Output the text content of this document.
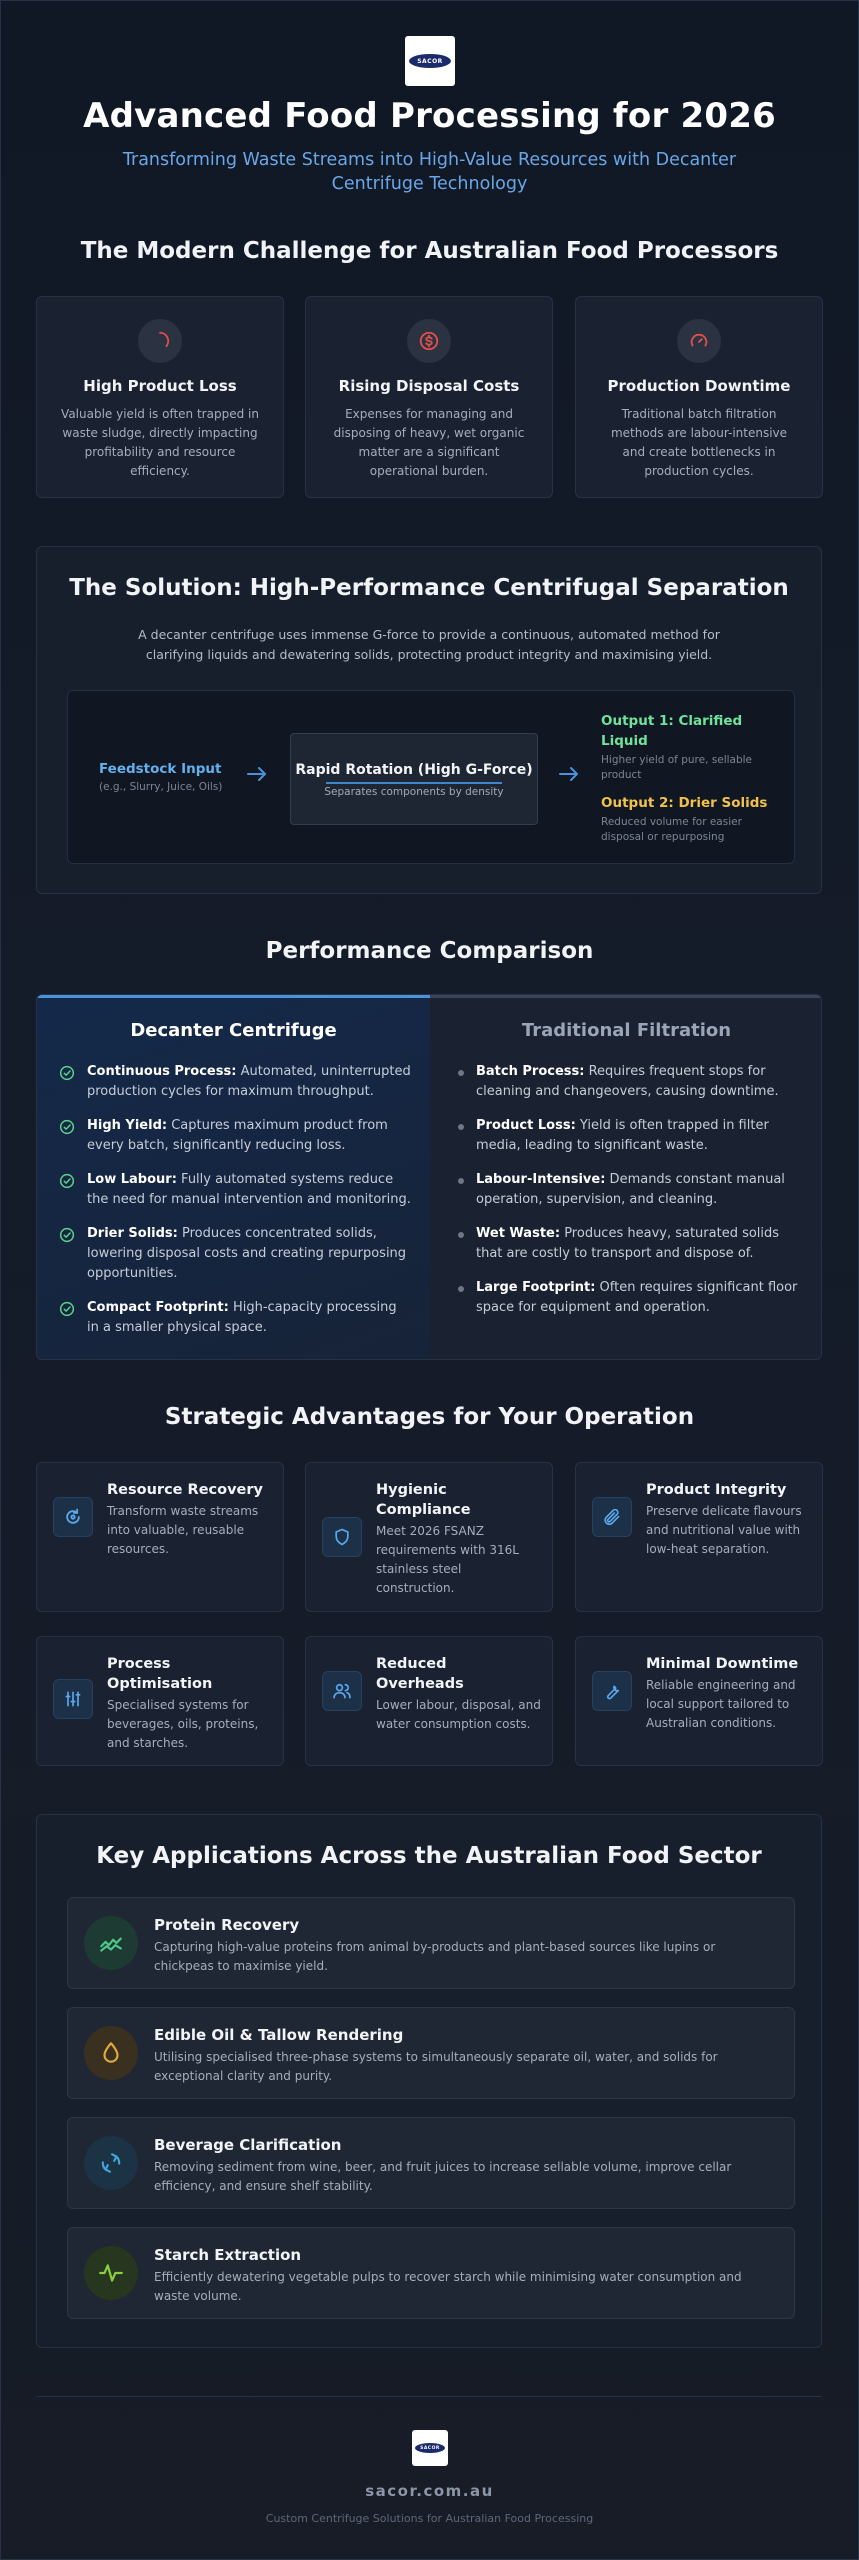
SACOR
Advanced Food Processing for 2026
Transforming Waste Streams into High-Value Resources with Decanter Centrifuge Technology
The Modern Challenge for Australian Food Processors
High Product Loss
Valuable yield is often trapped in waste sludge, directly impacting profitability and resource efficiency.
Rising Disposal Costs
Expenses for managing and disposing of heavy, wet organic matter are a significant operational burden.
Production Downtime
Traditional batch filtration methods are labour-intensive and create bottlenecks in production cycles.
The Solution: High-Performance Centrifugal Separation
A decanter centrifuge uses immense G-force to provide a continuous, automated method for clarifying liquids and dewatering solids, protecting product integrity and maximising yield.
Feedstock Input
(e.g., Slurry, Juice, Oils)
Rapid Rotation (High G-Force)
Separates components by density
Output 1: Clarified Liquid
Higher yield of pure, sellable product
Output 2: Drier Solids
Reduced volume for easier disposal or repurposing
Performance Comparison
Decanter Centrifuge
Continuous Process: Automated, uninterrupted production cycles for maximum throughput.
High Yield: Captures maximum product from every batch, significantly reducing loss.
Low Labour: Fully automated systems reduce the need for manual intervention and monitoring.
Drier Solids: Produces concentrated solids, lowering disposal costs and creating repurposing opportunities.
Compact Footprint: High-capacity processing in a smaller physical space.
Traditional Filtration
Batch Process: Requires frequent stops for cleaning and changeovers, causing downtime.
Product Loss: Yield is often trapped in filter media, leading to significant waste.
Labour-Intensive: Demands constant manual operation, supervision, and cleaning.
Wet Waste: Produces heavy, saturated solids that are costly to transport and dispose of.
Large Footprint: Often requires significant floor space for equipment and operation.
Strategic Advantages for Your Operation
Resource Recovery
Transform waste streams into valuable, reusable resources.
Hygienic Compliance
Meet 2026 FSANZ requirements with 316L stainless steel construction.
Product Integrity
Preserve delicate flavours and nutritional value with low-heat separation.
Process Optimisation
Specialised systems for beverages, oils, proteins, and starches.
Reduced Overheads
Lower labour, disposal, and water consumption costs.
Minimal Downtime
Reliable engineering and local support tailored to Australian conditions.
Key Applications Across the Australian Food Sector
Protein Recovery
Capturing high-value proteins from animal by-products and plant-based sources like lupins or chickpeas to maximise yield.
Edible Oil & Tallow Rendering
Utilising specialised three-phase systems to simultaneously separate oil, water, and solids for exceptional clarity and purity.
Beverage Clarification
Removing sediment from wine, beer, and fruit juices to increase sellable volume, improve cellar efficiency, and ensure shelf stability.
Starch Extraction
Efficiently dewatering vegetable pulps to recover starch while minimising water consumption and waste volume.
SACOR
sacor.com.au
Custom Centrifuge Solutions for Australian Food Processing
